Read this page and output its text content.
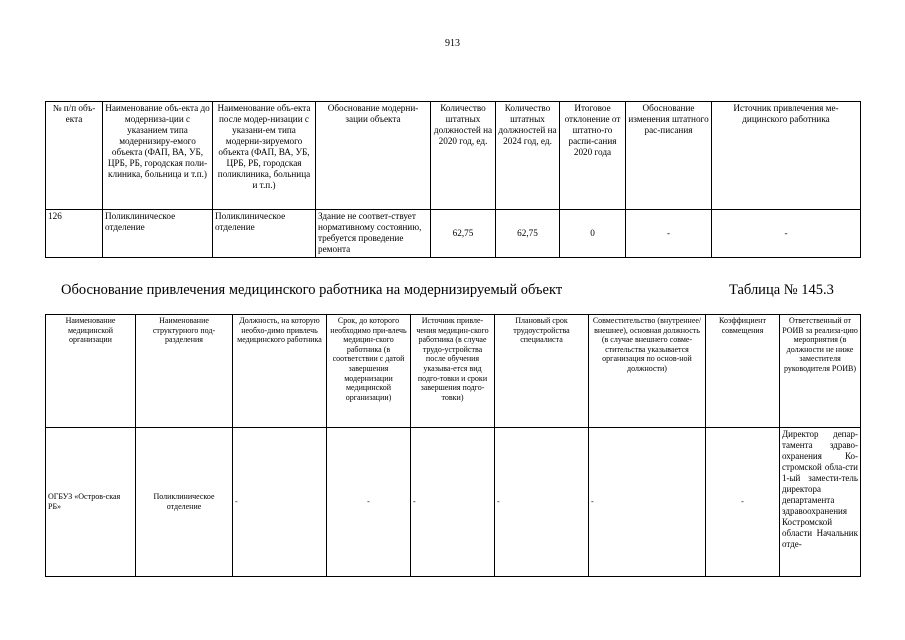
913
№ п/п объ-екта	Наименование объ-екта до модерниза-ции с указанием типа модернизиру-емого объекта (ФАП, ВА, УБ, ЦРБ, РБ, городская поли-клиника, больница и т.п.)	Наименование объ-екта после модер-низации с указани-ем типа модерни-зируемого объекта (ФАП, ВА, УБ, ЦРБ, РБ, городская поликлиника, больница и т.п.)	Обоснование модерни-зации объекта	Количество штатных должностей на 2020 год, ед.	Количество штатных должностей на 2024 год, ед.	Итоговое отклонение от штатно-го распи-сания 2020 года	Обоснование изменения штатного рас-писания	Источник привлечения ме-дицинского работника
126	Поликлиническое отделение	Поликлиническое отделение	Здание не соответ-ствует нормативному состоянию, требуется проведение ремонта	62,75	62,75	0	-	-
Обоснование привлечения медицинского работника на модернизируемый объект	Таблица № 145.3
Наименование медицинской организации	Наименование структурного под-разделения	Должность, на которую необхо-димо привлечь медицинского работника	Срок, до которого необходимо при-влечь медицин-ского работника (в соответствии с датой завершения модернизации медицинской организации)	Источник привле-чения медицин-ского работника (в случае трудо-устройства после обучения указыва-ется вид подго-товки и сроки завершения подго-товки)	Плановый срок трудоустройства специалиста	Совместительство (внутреннее/внешнее), основная должность (в случае внешнего совме-стительства указывается организация по основ-ной должности)	Коэффициент совмещения	Ответственный от РОИВ за реализа-цию мероприятия (в должности не ниже заместителя руководителя РОИВ)
ОГБУЗ «Остров-ская РБ»	Поликлиническое отделение	-	-	-	-	-	-	Директор депар-тамента здраво-охранения Ко-стромской обла-сти 1-ый замести-тель директора департамента здравоохранения Костромской области Начальник отде-
